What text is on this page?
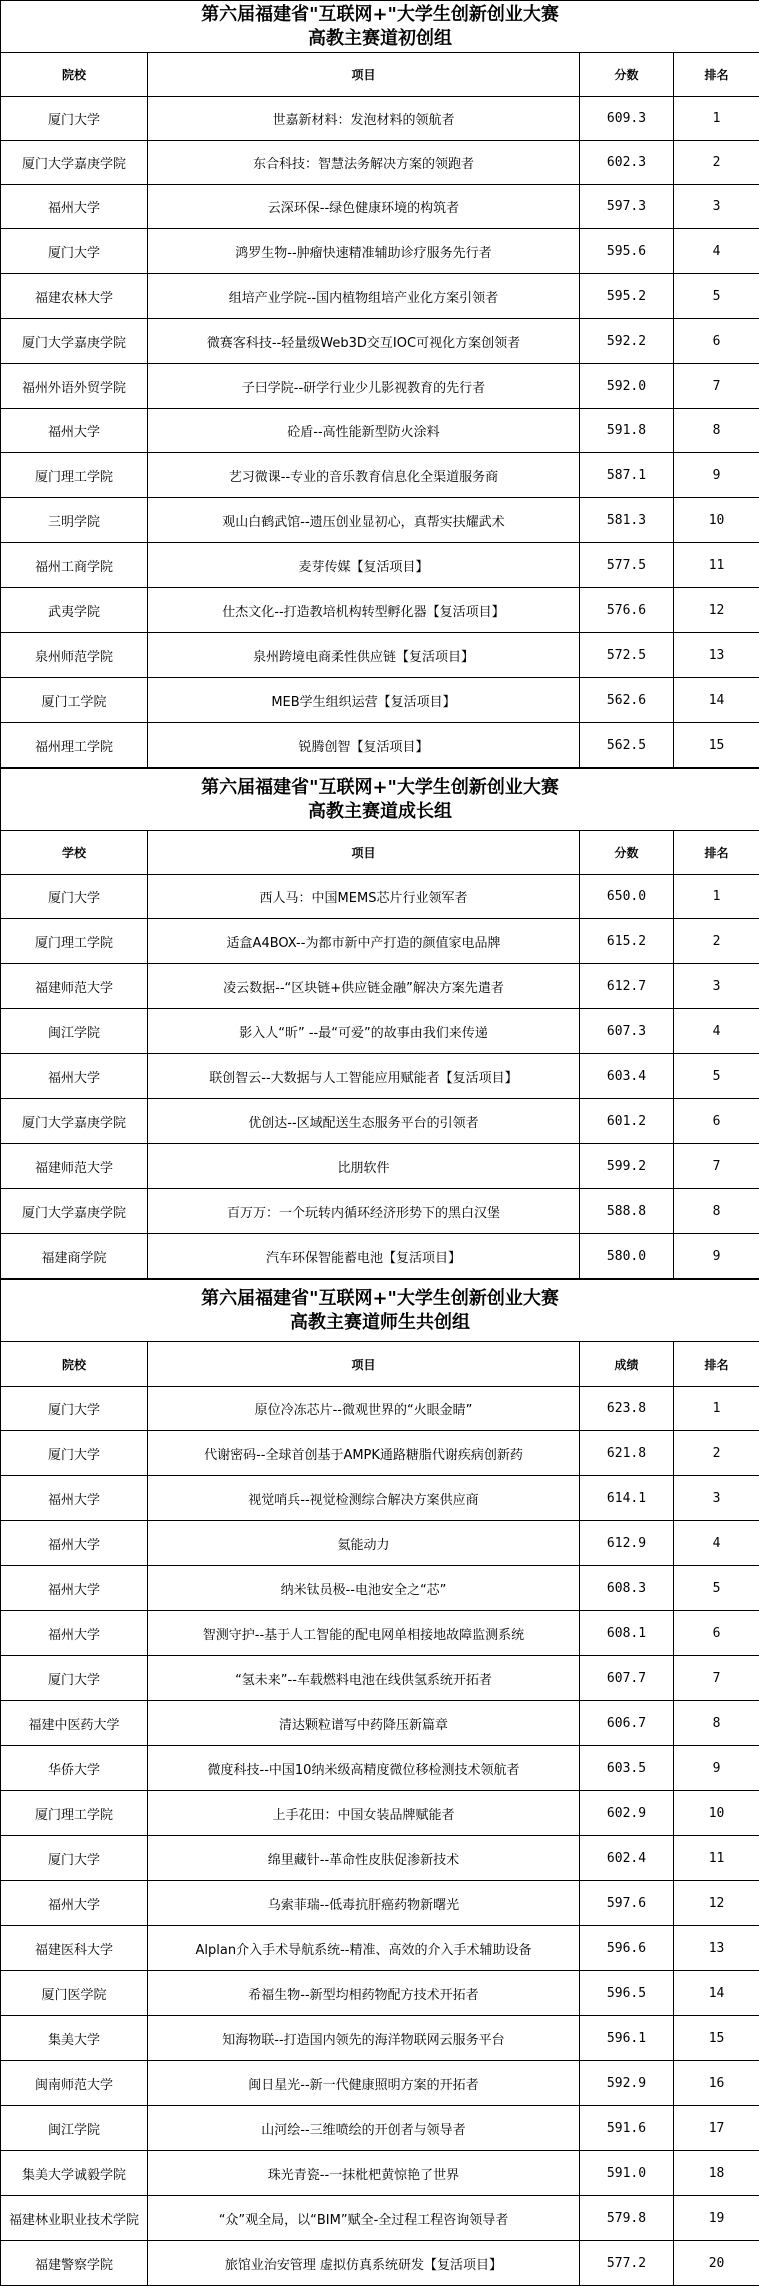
第六届福建省"互联网+"大学生创新创业大赛
高教主赛道初创组			

院校	项目	分数	排名
厦门大学	世嘉新材料：发泡材料的领航者	609.3	1
厦门大学嘉庚学院	东合科技：智慧法务解决方案的领跑者	602.3	2
福州大学	云深环保--绿色健康环境的构筑者	597.3	3
厦门大学	鸿罗生物--肿瘤快速精准辅助诊疗服务先行者	595.6	4
福建农林大学	组培产业学院--国内植物组培产业化方案引领者	595.2	5
厦门大学嘉庚学院	微赛客科技--轻量级Web3D交互IOC可视化方案创领者	592.2	6
福州外语外贸学院	子曰学院--研学行业少儿影视教育的先行者	592.0	7
福州大学	砼盾--高性能新型防火涂料	591.8	8
厦门理工学院	艺习微课--专业的音乐教育信息化全渠道服务商	587.1	9
三明学院	观山白鹤武馆--遗压创业显初心，真帮实扶耀武术	581.3	10
福州工商学院	麦芽传媒【复活项目】	577.5	11
武夷学院	仕杰文化--打造教培机构转型孵化器【复活项目】	576.6	12
泉州师范学院	泉州跨境电商柔性供应链【复活项目】	572.5	13
厦门工学院	MEB学生组织运营【复活项目】	562.6	14
福州理工学院	锐腾创智【复活项目】	562.5	15
第六届福建省"互联网+"大学生创新创业大赛
高教主赛道成长组			

学校	项目	分数	排名
厦门大学	西人马：中国MEMS芯片行业领军者	650.0	1
厦门理工学院	适盒A4BOX--为都市新中产打造的颜值家电品牌	615.2	2
福建师范大学	凌云数据--“区块链+供应链金融”解决方案先遣者	612.7	3
闽江学院	影入人“昕” --最“可爱”的故事由我们来传递	607.3	4
福州大学	联创智云--大数据与人工智能应用赋能者【复活项目】	603.4	5
厦门大学嘉庚学院	优创达--区域配送生态服务平台的引领者	601.2	6
福建师范大学	比朋软件	599.2	7
厦门大学嘉庚学院	百万万：一个玩转内循环经济形势下的黑白汉堡	588.8	8
福建商学院	汽车环保智能蓄电池【复活项目】	580.0	9
第六届福建省"互联网+"大学生创新创业大赛
高教主赛道师生共创组			

院校	项目	成绩	排名
厦门大学	原位冷冻芯片--微观世界的“火眼金睛”	623.8	1
厦门大学	代谢密码--全球首创基于AMPK通路糖脂代谢疾病创新药	621.8	2
福州大学	视觉哨兵--视觉检测综合解决方案供应商	614.1	3
福州大学	氦能动力	612.9	4
福州大学	纳米钛员极--电池安全之“芯”	608.3	5
福州大学	智测守护--基于人工智能的配电网单相接地故障监测系统	608.1	6
厦门大学	“氢未来”--车载燃料电池在线供氢系统开拓者	607.7	7
福建中医药大学	清达颗粒谱写中药降压新篇章	606.7	8
华侨大学	微度科技--中国10纳米级高精度微位移检测技术领航者	603.5	9
厦门理工学院	上手花田：中国女装品牌赋能者	602.9	10
厦门大学	绵里藏针--革命性皮肤促渗新技术	602.4	11
福州大学	乌索菲瑞--低毒抗肝癌药物新曙光	597.6	12
福建医科大学	Alplan介入手术导航系统--精准、高效的介入手术辅助设备	596.6	13
厦门医学院	希福生物--新型均相药物配方技术开拓者	596.5	14
集美大学	知海物联--打造国内领先的海洋物联网云服务平台	596.1	15
闽南师范大学	闽日星光--新一代健康照明方案的开拓者	592.9	16
闽江学院	山河绘--三维喷绘的开创者与领导者	591.6	17
集美大学诚毅学院	珠光青瓷--一抹枇杷黄惊艳了世界	591.0	18
福建林业职业技术学院	“众”观全局，以“BIM”赋全-全过程工程咨询领导者	579.8	19
福建警察学院	旅馆业治安管理 虚拟仿真系统研发【复活项目】	577.2	20
